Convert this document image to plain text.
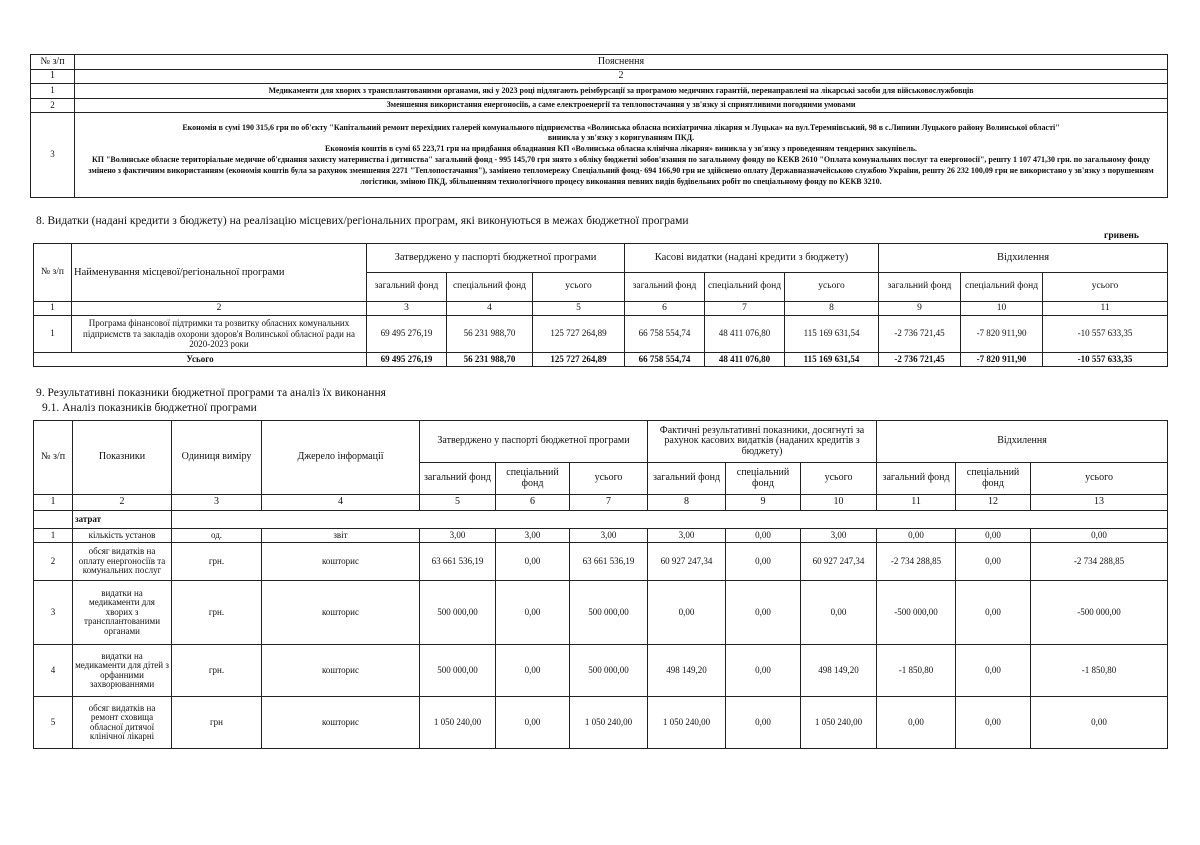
№ з/п	Пояснення
1	2
1	Медикаменти для хворих з трансплантованими органами, які у 2023 році підлягають реімбурсації за програмою медичних гарантій, перенаправлені на лікарські засоби для військовослужбовців
2	Зменшення використання енергоносіїв, а саме електроенергії та теплопостачання у зв'язку зі сприятливими погодними умовами
3	Економія в сумі 190 315,6 грн по об'єкту "Капітальний ремонт перехідних галерей комунального підприємства «Волинська обласна психіатрична лікарня м Луцька» на вул.Теремнівський, 98 в с.Липини Луцького району Волинської області"
виникла у зв'язку з коригуванням ПКД.
Економія коштів в сумі 65 223,71 грн на придбання обладнання КП «Волинська обласна клінічна лікарня» виникла у зв'язку з проведенням тендерних закупівель.
КП "Волинське обласне територіальне медичне об'єднання захисту материнства і дитинства" загальний фонд - 995 145,70 грн знято з обліку бюджетні зобов'язання по загальному фонду по КЕКВ 2610 "Оплата комунальних послуг та енергоносії", решту 1 107 471,30 грн. по загальному фонду змінено з фактичним використанням (економія коштів була за рахунок зменшення 2271 "Теплопостачання"), замінено тепломережу Спецiальний фонд- 694 166,90 грн не здійснено оплату Державназначейською службою України, решту 26 232 100,09 грн не використано у зв'язку з порушенням логістики, зміною ПКД, збільшенням технологічного процесу виконання певних видів будівельних робіт по спеціальному фонду по КЕКВ 3210.
8. Видатки (надані кредити з бюджету) на реалізацію місцевих/регіональних програм, які виконуються в межах бюджетної програми
гривень
№ з/п	Найменування місцевої/регіональної програми	Затверджено у паспорті бюджетної програми			Касові видатки (надані кредити з бюджету)			Відхилення		
		загальний фонд	спеціальний фонд	усього	загальний фонд	спеціальний фонд	усього	загальний фонд	спеціальний фонд	усього
1	2	3	4	5	6	7	8	9	10	11
1	Програма фінансової підтримки та розвитку обласних комунальних підприємств та закладів охорони здоров'я Волинської обласної ради на 2020-2023 роки	69 495 276,19	56 231 988,70	125 727 264,89	66 758 554,74	48 411 076,80	115 169 631,54	-2 736 721,45	-7 820 911,90	-10 557 633,35
Усього		69 495 276,19	56 231 988,70	125 727 264,89	66 758 554,74	48 411 076,80	115 169 631,54	-2 736 721,45	-7 820 911,90	-10 557 633,35
9. Результативні показники бюджетної програми та аналіз їх виконання
9.1. Аналіз показників бюджетної програми
№ з/п	Показники	Одиниця виміру	Джерело інформації	Затверджено у паспорті бюджетної програми			Фактичні результативні показники, досягнуті за рахунок касових видатків (наданих кредитів з бюджету)			Відхилення		
				загальний фонд	спеціальний фонд	усього	загальний фонд	спеціальний фонд	усього	загальний фонд	спеціальний фонд	усього
1	2	3	4	5	6	7	8	9	10	11	12	13
	затрат											
1	кількість установ	од.	звіт	3,00	3,00	3,00	3,00	0,00	3,00	0,00	0,00	0,00
2	обсяг видатків на оплату енергоносіїв та комунальних послуг	грн.	кошторис	63 661 536,19	0,00	63 661 536,19	60 927 247,34	0,00	60 927 247,34	-2 734 288,85	0,00	-2 734 288,85
3	видатки на медикаменти для хворих з трансплантованими органами	грн.	кошторис	500 000,00	0,00	500 000,00	0,00	0,00	0,00	-500 000,00	0,00	-500 000,00
4	видатки на медикаменти для дітей з орфанними захворюваннями	грн.	кошторис	500 000,00	0,00	500 000,00	498 149,20	0,00	498 149,20	-1 850,80	0,00	-1 850,80
5	обсяг видатків на ремонт сховища обласної дитячої клінічної лікарні	грн	кошторис	1 050 240,00	0,00	1 050 240,00	1 050 240,00	0,00	1 050 240,00	0,00	0,00	0,00
